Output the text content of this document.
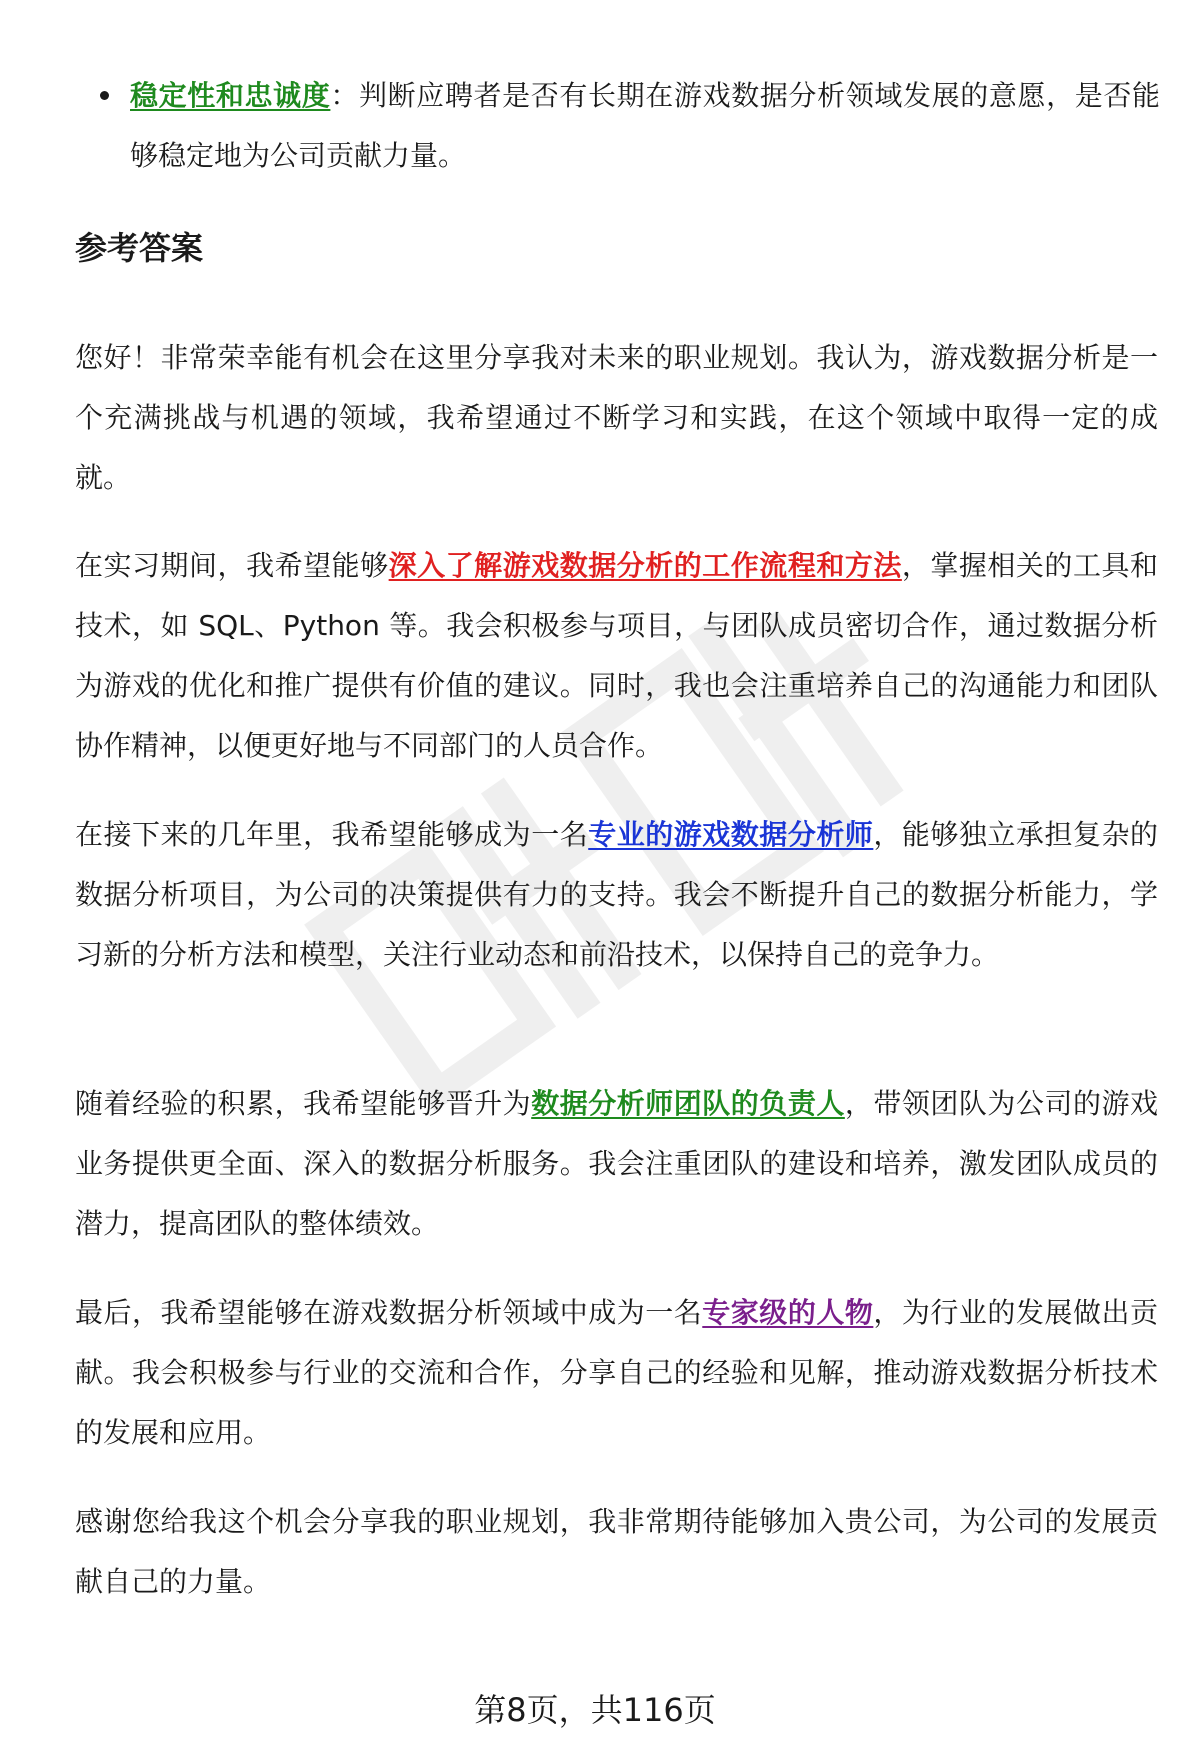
稳定性和忠诚度：判断应聘者是否有长期在游戏数据分析领域发展的意愿，是否能够稳定地为公司贡献力量。
参考答案

您好！非常荣幸能有机会在这里分享我对未来的职业规划。我认为，游戏数据分析是一个充满挑战与机遇的领域，我希望通过不断学习和实践，在这个领域中取得一定的成就。

在实习期间，我希望能够深入了解游戏数据分析的工作流程和方法，掌握相关的工具和技术，如 SQL、Python 等。我会积极参与项目，与团队成员密切合作，通过数据分析为游戏的优化和推广提供有价值的建议。同时，我也会注重培养自己的沟通能力和团队协作精神，以便更好地与不同部门的人员合作。

在接下来的几年里，我希望能够成为一名专业的游戏数据分析师，能够独立承担复杂的数据分析项目，为公司的决策提供有力的支持。我会不断提升自己的数据分析能力，学习新的分析方法和模型，关注行业动态和前沿技术，以保持自己的竞争力。

随着经验的积累，我希望能够晋升为数据分析师团队的负责人，带领团队为公司的游戏业务提供更全面、深入的数据分析服务。我会注重团队的建设和培养，激发团队成员的潜力，提高团队的整体绩效。

最后，我希望能够在游戏数据分析领域中成为一名专家级的人物，为行业的发展做出贡献。我会积极参与行业的交流和合作，分享自己的经验和见解，推动游戏数据分析技术的发展和应用。

感谢您给我这个机会分享我的职业规划，我非常期待能够加入贵公司，为公司的发展贡献自己的力量。

第8页，共116页
